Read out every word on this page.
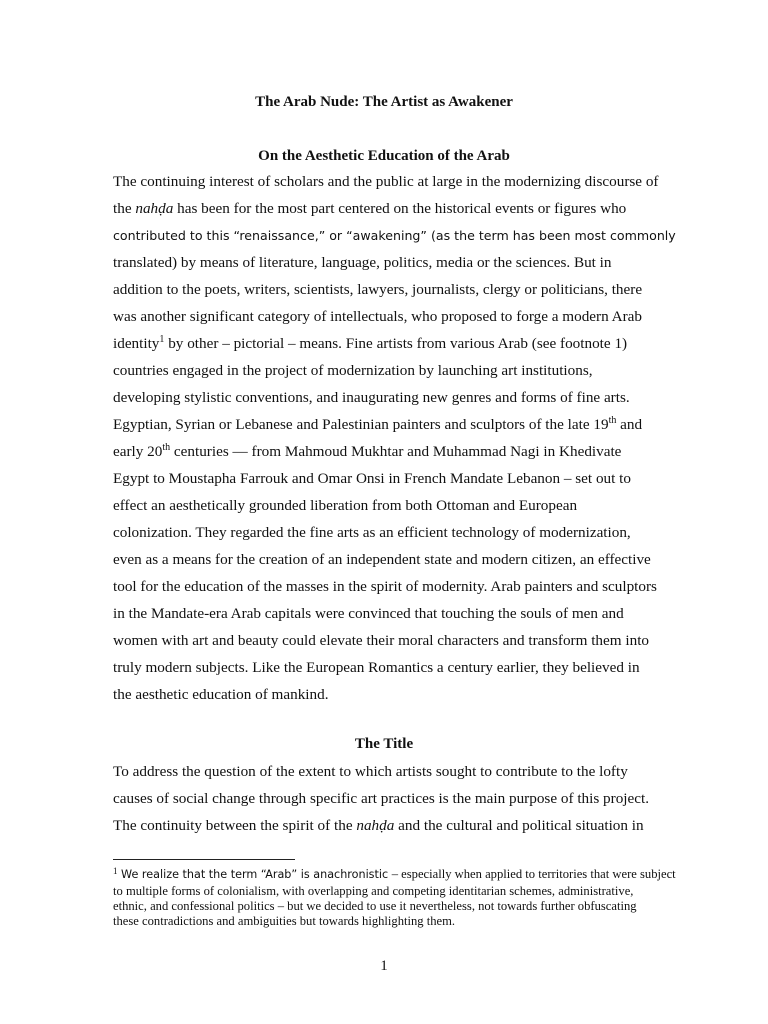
The Arab Nude: The Artist as Awakener
On the Aesthetic Education of the Arab
The continuing interest of scholars and the public at large in the modernizing discourse of
the nahḍa has been for the most part centered on the historical events or figures who
contributed to this “renaissance,” or “awakening” (as the term has been most commonly
translated) by means of literature, language, politics, media or the sciences. But in
addition to the poets, writers, scientists, lawyers, journalists, clergy or politicians, there
was another significant category of intellectuals, who proposed to forge a modern Arab
identity$^1$ by other – pictorial – means. Fine artists from various Arab (see footnote 1)
countries engaged in the project of modernization by launching art institutions,
developing stylistic conventions, and inaugurating new genres and forms of fine arts.
Egyptian, Syrian or Lebanese and Palestinian painters and sculptors of the late 19th and
early 20th centuries — from Mahmoud Mukhtar and Muhammad Nagi in Khedivate
Egypt to Moustapha Farrouk and Omar Onsi in French Mandate Lebanon – set out to
effect an aesthetically grounded liberation from both Ottoman and European
colonization. They regarded the fine arts as an efficient technology of modernization,
even as a means for the creation of an independent state and modern citizen, an effective
tool for the education of the masses in the spirit of modernity. Arab painters and sculptors
in the Mandate-era Arab capitals were convinced that touching the souls of men and
women with art and beauty could elevate their moral characters and transform them into
truly modern subjects. Like the European Romantics a century earlier, they believed in
the aesthetic education of mankind.
The Title
To address the question of the extent to which artists sought to contribute to the lofty
causes of social change through specific art practices is the main purpose of this project.
The continuity between the spirit of the nahḍa and the cultural and political situation in
$^1$ We realize that the term “Arab” is anachronistic – especially when applied to territories that were subject
to multiple forms of colonialism, with overlapping and competing identitarian schemes, administrative,
ethnic, and confessional politics – but we decided to use it nevertheless, not towards further obfuscating
these contradictions and ambiguities but towards highlighting them.
1
